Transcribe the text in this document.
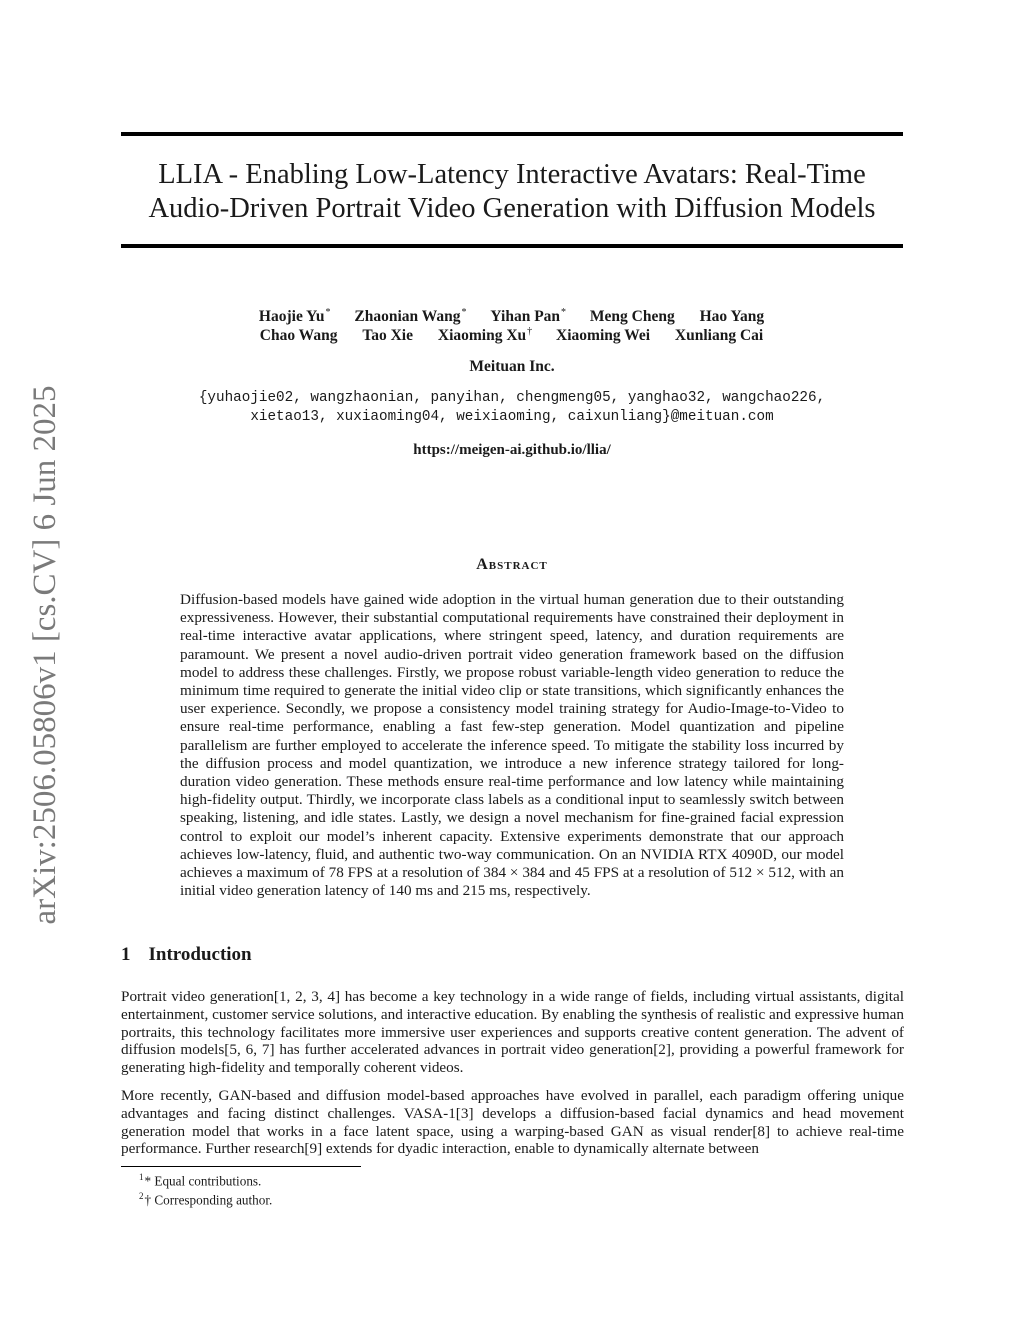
arXiv:2506.05806v1 [cs.CV] 6 Jun 2025
LLIA - Enabling Low-Latency Interactive Avatars: Real-Time
Audio-Driven Portrait Video Generation with Diffusion Models
Haojie Yu* Zhaonian Wang* Yihan Pan* Meng Cheng Hao Yang
Chao Wang Tao Xie Xiaoming Xu† Xiaoming Wei Xunliang Cai
Meituan Inc.
{yuhaojie02, wangzhaonian, panyihan, chengmeng05, yanghao32, wangchao226,
xietao13, xuxiaoming04, weixiaoming, caixunliang}@meituan.com
https://meigen-ai.github.io/llia/
Abstract

Diffusion-based models have gained wide adoption in the virtual human generation due to their outstanding expressiveness. However, their substantial computational requirements have constrained their deployment in real-time interactive avatar applications, where stringent speed, latency, and duration requirements are paramount. We present a novel audio-driven portrait video generation framework based on the diffusion model to address these challenges. Firstly, we propose robust variable-length video generation to reduce the minimum time required to generate the initial video clip or state transitions, which significantly enhances the user experience. Secondly, we propose a consistency model training strategy for Audio-Image-to-Video to ensure real-time performance, enabling a fast few-step generation. Model quantization and pipeline parallelism are further employed to accelerate the inference speed. To mitigate the stability loss incurred by the diffusion process and model quantization, we introduce a new inference strategy tailored for long-duration video generation. These methods ensure real-time performance and low latency while maintaining high-fidelity output. Thirdly, we incorporate class labels as a conditional input to seamlessly switch between speaking, listening, and idle states. Lastly, we design a novel mechanism for fine-grained facial expression control to exploit our model’s inherent capacity. Extensive experiments demonstrate that our approach achieves low-latency, fluid, and authentic two-way communication. On an NVIDIA RTX 4090D, our model achieves a maximum of 78 FPS at a resolution of 384 × 384 and 45 FPS at a resolution of 512 × 512, with an initial video generation latency of 140 ms and 215 ms, respectively.

1 Introduction

Portrait video generation[1, 2, 3, 4] has become a key technology in a wide range of fields, including virtual assistants, digital entertainment, customer service solutions, and interactive education. By enabling the synthesis of realistic and expressive human portraits, this technology facilitates more immersive user experiences and supports creative content generation. The advent of diffusion models[5, 6, 7] has further accelerated advances in portrait video generation[2], providing a powerful framework for generating high-fidelity and temporally coherent videos.

More recently, GAN-based and diffusion model-based approaches have evolved in parallel, each paradigm offering unique advantages and facing distinct challenges. VASA-1[3] develops a diffusion-based facial dynamics and head movement generation model that works in a face latent space, using a warping-based GAN as visual render[8] to achieve real-time performance. Further research[9] extends for dyadic interaction, enable to dynamically alternate between

$^1$* Equal contributions.
$^2$† Corresponding author.
